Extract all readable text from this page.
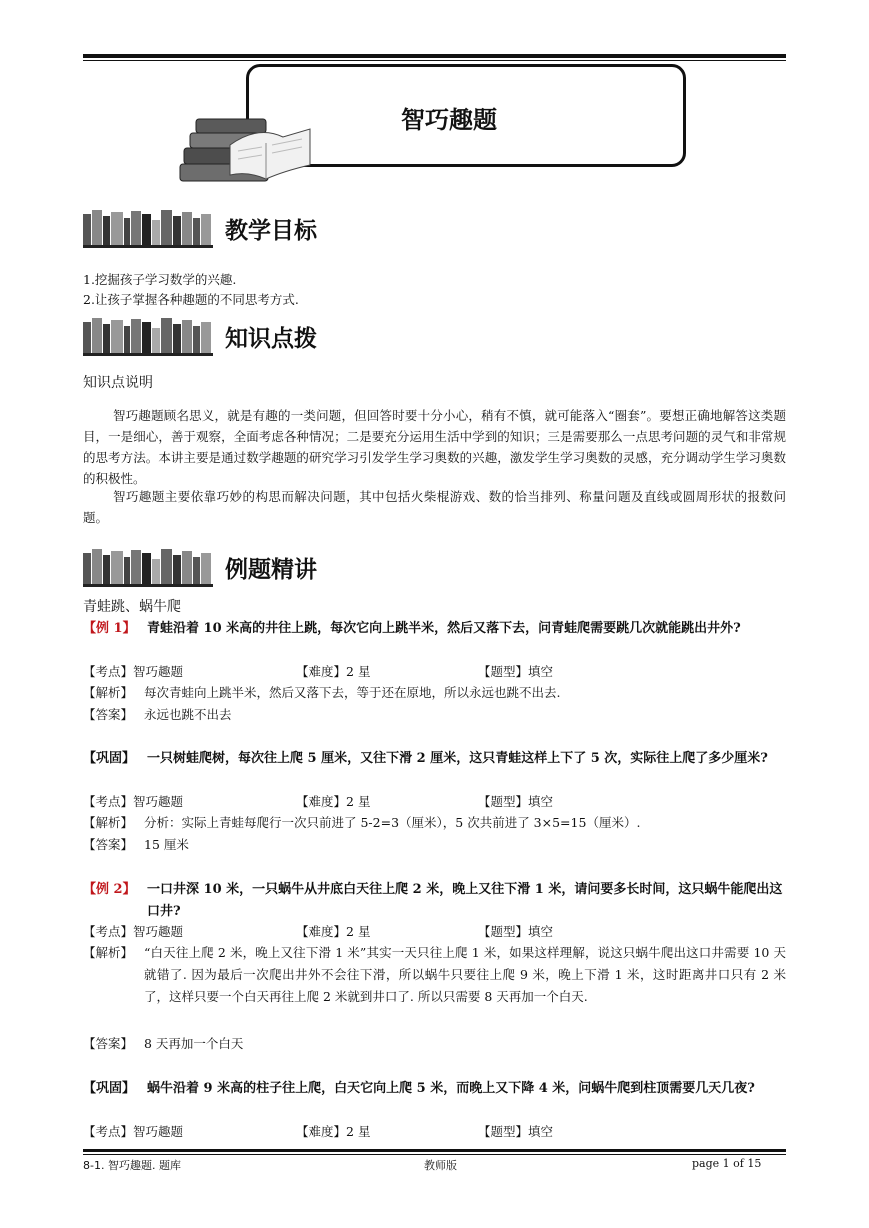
智巧趣题
教学目标
1.挖掘孩子学习数学的兴趣.
2.让孩子掌握各种趣题的不同思考方式.
知识点拨
知识点说明
智巧趣题顾名思义，就是有趣的一类问题，但回答时要十分小心，稍有不慎，就可能落入“圈套”。要想正确地解答这类题目，一是细心，善于观察，全面考虑各种情况；二是要充分运用生活中学到的知识；三是需要那么一点思考问题的灵气和非常规的思考方法。本讲主要是通过数学趣题的研究学习引发学生学习奥数的兴趣，激发学生学习奥数的灵感，充分调动学生学习奥数的积极性。
智巧趣题主要依靠巧妙的构思而解决问题，其中包括火柴棍游戏、数的恰当排列、称量问题及直线或圆周形状的报数问题。
例题精讲
青蛙跳、蜗牛爬
【例 1】 青蛙沿着 10 米高的井往上跳，每次它向上跳半米，然后又落下去，问青蛙爬需要跳几次就能跳出井外?
【考点】智巧趣题	【难度】2 星	【题型】填空
【解析】 每次青蛙向上跳半米，然后又落下去，等于还在原地，所以永远也跳不出去.
【答案】 永远也跳不出去
【巩固】 一只树蛙爬树，每次往上爬 5 厘米，又往下滑 2 厘米，这只青蛙这样上下了 5 次，实际往上爬了多少厘米?
【考点】智巧趣题	【难度】2 星	【题型】填空
【解析】 分析：实际上青蛙每爬行一次只前进了 5-2=3（厘米），5 次共前进了 3×5=15（厘米）.
【答案】 15 厘米
【例 2】 一口井深 10 米，一只蜗牛从井底白天往上爬 2 米，晚上又往下滑 1 米，请问要多长时间，这只蜗牛能爬出这口井?
【考点】智巧趣题	【难度】2 星	【题型】填空
【解析】 “白天往上爬 2 米，晚上又往下滑 1 米”其实一天只往上爬 1 米，如果这样理解，说这只蜗牛爬出这口井需要 10 天就错了. 因为最后一次爬出井外不会往下滑，所以蜗牛只要往上爬 9 米，晚上下滑 1 米，这时距离井口只有 2 米了，这样只要一个白天再往上爬 2 米就到井口了. 所以只需要 8 天再加一个白天.
【答案】 8 天再加一个白天
【巩固】 蜗牛沿着 9 米高的柱子往上爬，白天它向上爬 5 米，而晚上又下降 4 米，问蜗牛爬到柱顶需要几天几夜?
【考点】智巧趣题	【难度】2 星	【题型】填空
8-1. 智巧趣题. 题库	教师版	page 1 of 15
